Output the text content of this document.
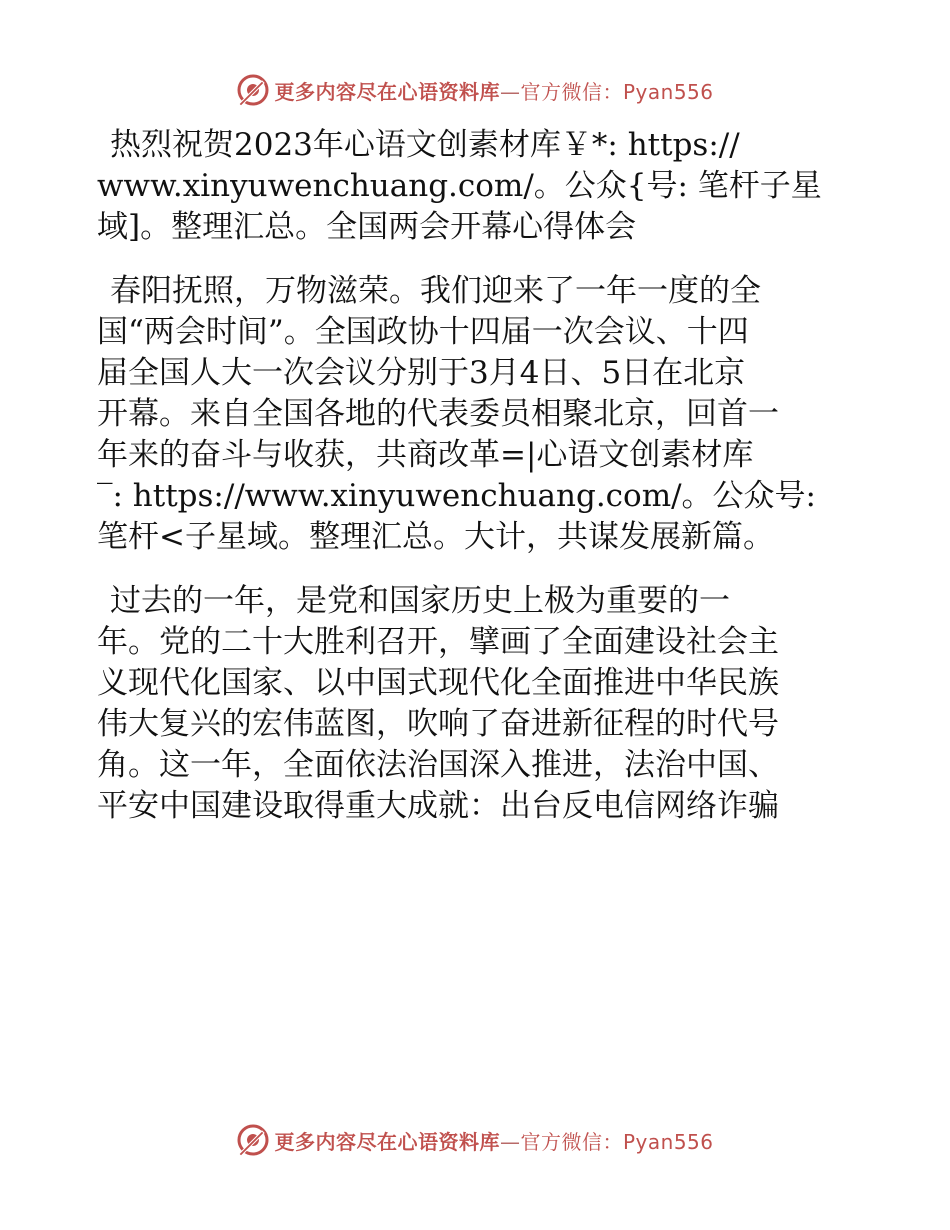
更多内容尽在心语资料库—官方微信：Pyan556

热烈祝贺2023年心语文创素材库￥*: https://
www.xinyuwenchuang.com/。公众{号: 笔杆子星
域]。整理汇总。全国两会开幕心得体会

春阳抚照，万物滋荣。我们迎来了一年一度的全
国“两会时间”。全国政协十四届一次会议、十四
届全国人大一次会议分别于3月4日、5日在北京
开幕。来自全国各地的代表委员相聚北京，回首一
年来的奋斗与收获，共商改革=|心语文创素材库
‾: https://www.xinyuwenchuang.com/。公众号:
笔杆<子星域。整理汇总。大计，共谋发展新篇。

过去的一年，是党和国家历史上极为重要的一
年。党的二十大胜利召开，擘画了全面建设社会主
义现代化国家、以中国式现代化全面推进中华民族
伟大复兴的宏伟蓝图，吹响了奋进新征程的时代号
角。这一年，全面依法治国深入推进，法治中国、
平安中国建设取得重大成就：出台反电信网络诈骗

更多内容尽在心语资料库—官方微信：Pyan556
